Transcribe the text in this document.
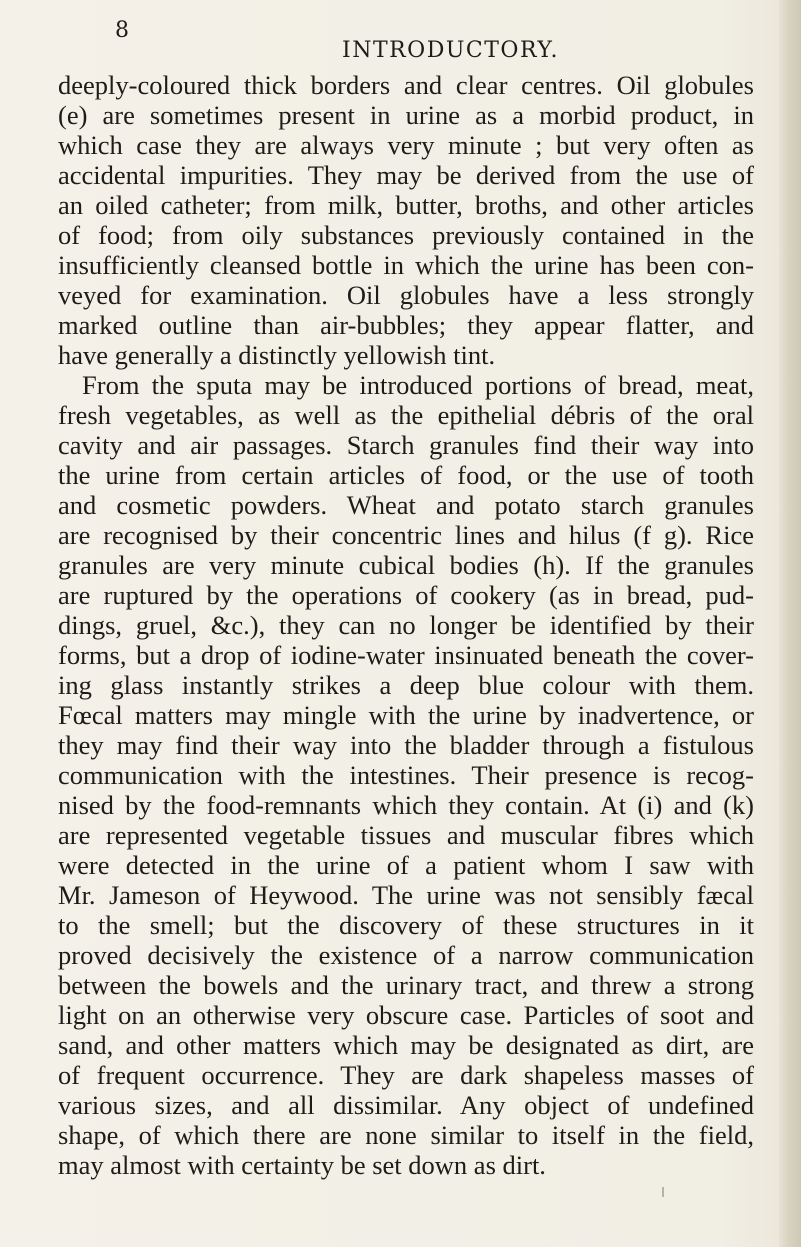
8
INTRODUCTORY.
deeply-coloured thick borders and clear centres. Oil globules
(e) are sometimes present in urine as a morbid product, in
which case they are always very minute ; but very often as
accidental impurities. They may be derived from the use of
an oiled catheter; from milk, butter, broths, and other articles
of food; from oily substances previously contained in the
insufficiently cleansed bottle in which the urine has been con-
veyed for examination. Oil globules have a less strongly
marked outline than air-bubbles; they appear flatter, and
have generally a distinctly yellowish tint.
From the sputa may be introduced portions of bread, meat,
fresh vegetables, as well as the epithelial débris of the oral
cavity and air passages. Starch granules find their way into
the urine from certain articles of food, or the use of tooth
and cosmetic powders. Wheat and potato starch granules
are recognised by their concentric lines and hilus (f g). Rice
granules are very minute cubical bodies (h). If the granules
are ruptured by the operations of cookery (as in bread, pud-
dings, gruel, &c.), they can no longer be identified by their
forms, but a drop of iodine-water insinuated beneath the cover-
ing glass instantly strikes a deep blue colour with them.
Fœcal matters may mingle with the urine by inadvertence, or
they may find their way into the bladder through a fistulous
communication with the intestines. Their presence is recog-
nised by the food-remnants which they contain. At (i) and (k)
are represented vegetable tissues and muscular fibres which
were detected in the urine of a patient whom I saw with
Mr. Jameson of Heywood. The urine was not sensibly fæcal
to the smell; but the discovery of these structures in it
proved decisively the existence of a narrow communication
between the bowels and the urinary tract, and threw a strong
light on an otherwise very obscure case. Particles of soot and
sand, and other matters which may be designated as dirt, are
of frequent occurrence. They are dark shapeless masses of
various sizes, and all dissimilar. Any object of undefined
shape, of which there are none similar to itself in the field,
may almost with certainty be set down as dirt.
